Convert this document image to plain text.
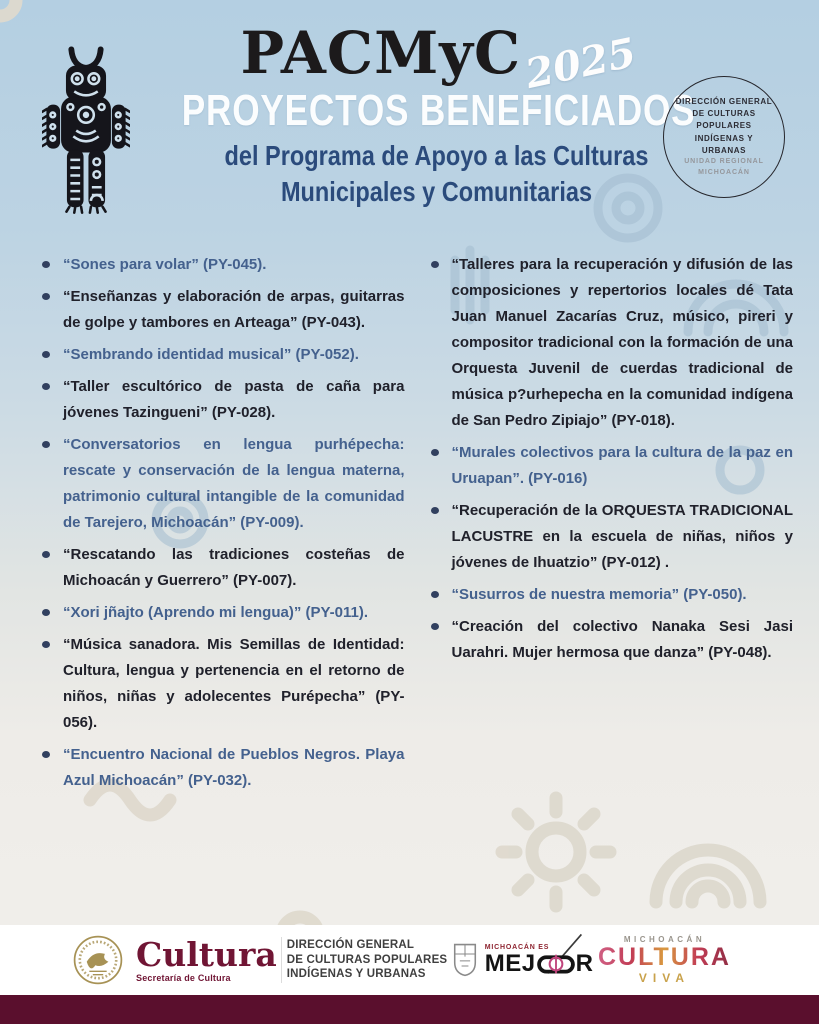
PACMyC 2025
PROYECTOS BENEFICIADOS
del Programa de Apoyo a las Culturas
Municipales y Comunitarias
DIRECCIÓN GENERAL
DE CULTURAS POPULARES
INDÍGENAS Y URBANAS
UNIDAD REGIONAL
MICHOACÁN
“Sones para volar” (PY-045).
“Enseñanzas y elaboración de arpas, guitarras de golpe y tambores en Arteaga” (PY-043).
“Sembrando identidad musical” (PY-052).
“Taller escultórico de pasta de caña para jóvenes Tazingueni” (PY-028).
“Conversatorios en lengua purhépecha: rescate y conservación de la lengua materna, patrimonio cultural intangible de la comunidad de Tarejero, Michoacán” (PY-009).
“Rescatando las tradiciones costeñas de Michoacán y Guerrero” (PY-007).
“Xori jñajto (Aprendo mi lengua)” (PY-011).
“Música sanadora. Mis Semillas de Identidad: Cultura, lengua y pertenencia en el retorno de niños, niñas y adolecentes Purépecha” (PY-056).
“Encuentro Nacional de Pueblos Negros. Playa Azul Michoacán” (PY-032).
“Talleres para la recuperación y difusión de las composiciones y repertorios locales dé Tata Juan Manuel Zacarías Cruz, músico, pireri y compositor tradicional con la formación de una Orquesta Juvenil de cuerdas tradicional de música p?urhepecha en la comunidad indígena de San Pedro Zipiajo” (PY-018).
“Murales colectivos para la cultura de la paz en Uruapan”. (PY-016)
“Recuperación de la ORQUESTA TRADICIONAL LACUSTRE en la escuela de niñas, niños y jóvenes de Ihuatzio” (PY-012) .
“Susurros de nuestra memoria” (PY-050).
“Creación del colectivo Nanaka Sesi Jasi Uarahri. Mujer hermosa que danza” (PY-048).
Cultura
Secretaría de Cultura
DIRECCIÓN GENERAL
DE CULTURAS POPULARES
INDÍGENAS Y URBANAS
MICHOACÁN ES
MEJ R
MICHOACÁN
CULTURA
VIVA
